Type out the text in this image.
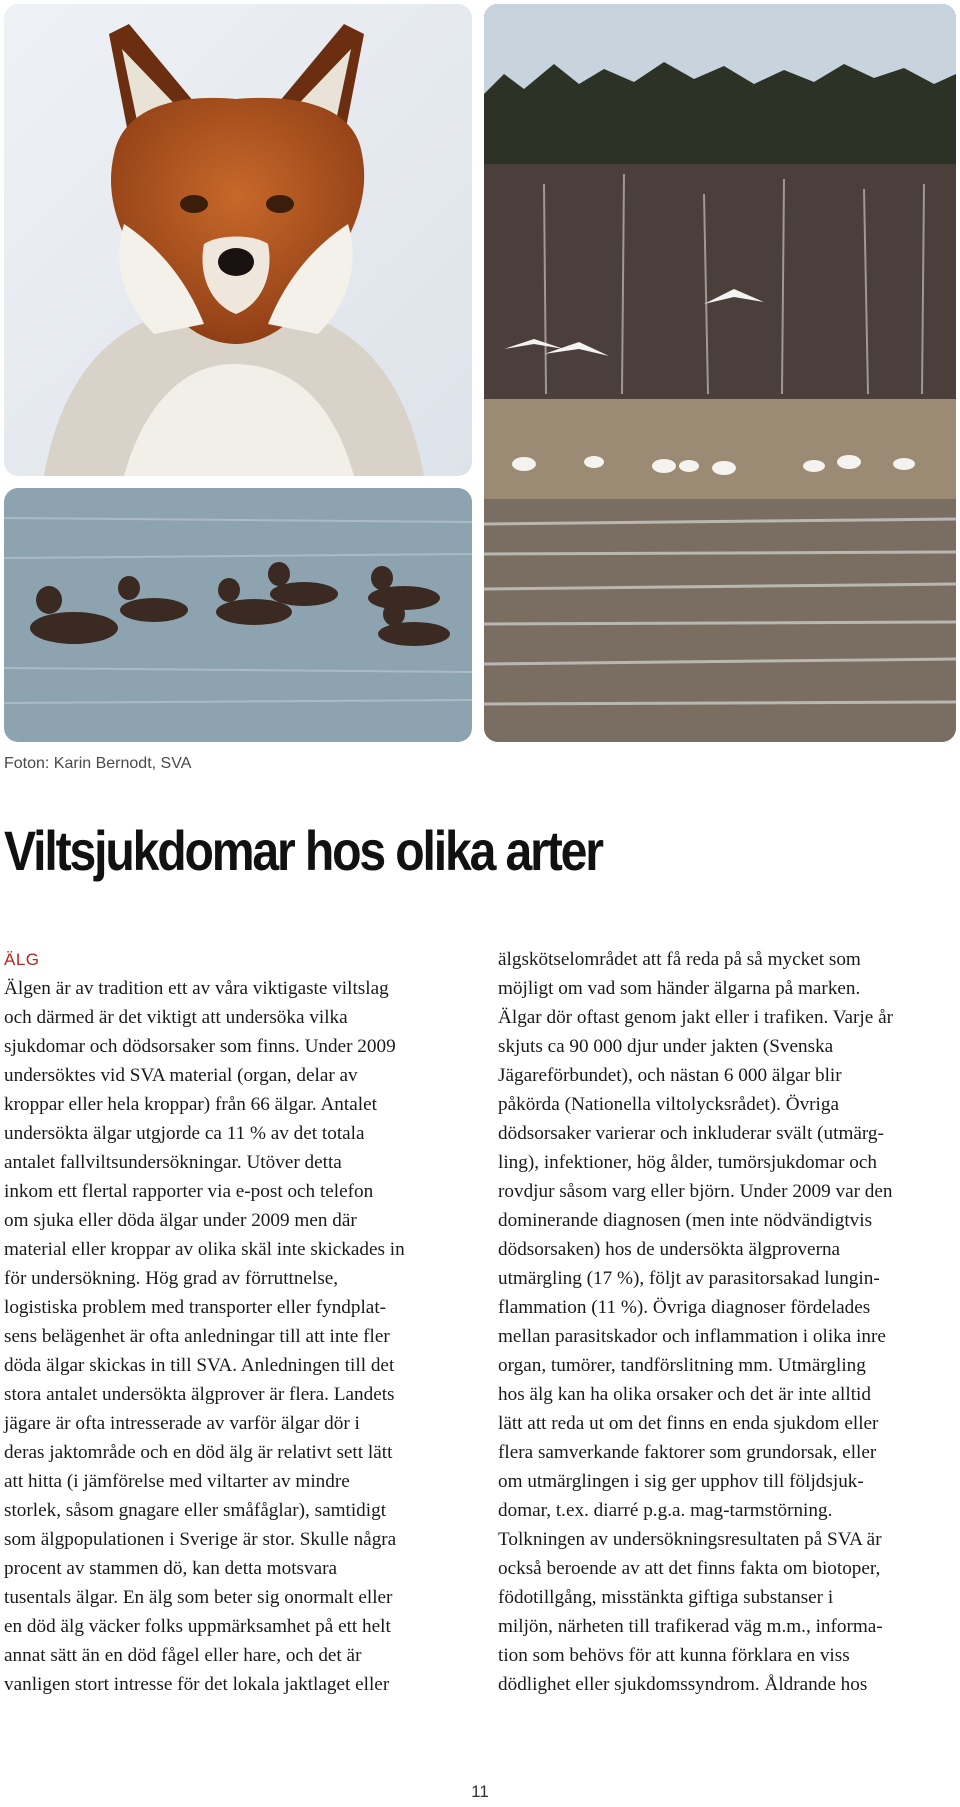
Foton: Karin Bernodt, SVA
Viltsjukdomar hos olika arter
ÄLG
Älgen är av tradition ett av våra viktigaste viltslag
och därmed är det viktigt att undersöka vilka
sjukdomar och dödsorsaker som finns. Under 2009
undersöktes vid SVA material (organ, delar av
kroppar eller hela kroppar) från 66 älgar. Antalet
undersökta älgar utgjorde ca 11 % av det totala
antalet fallviltsundersökningar. Utöver detta
inkom ett flertal rapporter via e-post och telefon
om sjuka eller döda älgar under 2009 men där
material eller kroppar av olika skäl inte skickades in
för undersökning. Hög grad av förruttnelse,
logistiska problem med transporter eller fyndplat-
sens belägenhet är ofta anledningar till att inte fler
döda älgar skickas in till SVA. Anledningen till det
stora antalet undersökta älgprover är flera. Landets
jägare är ofta intresserade av varför älgar dör i
deras jaktområde och en död älg är relativt sett lätt
att hitta (i jämförelse med viltarter av mindre
storlek, såsom gnagare eller småfåglar), samtidigt
som älgpopulationen i Sverige är stor. Skulle några
procent av stammen dö, kan detta motsvara
tusentals älgar. En älg som beter sig onormalt eller
en död älg väcker folks uppmärksamhet på ett helt
annat sätt än en död fågel eller hare, och det är
vanligen stort intresse för det lokala jaktlaget eller
älgskötselområdet att få reda på så mycket som
möjligt om vad som händer älgarna på marken.
Älgar dör oftast genom jakt eller i trafiken. Varje år
skjuts ca 90 000 djur under jakten (Svenska
Jägareförbundet), och nästan 6 000 älgar blir
påkörda (Nationella viltolycksrådet). Övriga
dödsorsaker varierar och inkluderar svält (utmärg-
ling), infektioner, hög ålder, tumörsjukdomar och
rovdjur såsom varg eller björn. Under 2009 var den
dominerande diagnosen (men inte nödvändigtvis
dödsorsaken) hos de undersökta älgproverna
utmärgling (17 %), följt av parasitorsakad lungin-
flammation (11 %). Övriga diagnoser fördelades
mellan parasitskador och inflammation i olika inre
organ, tumörer, tandförslitning mm. Utmärgling
hos älg kan ha olika orsaker och det är inte alltid
lätt att reda ut om det finns en enda sjukdom eller
flera samverkande faktorer som grundorsak, eller
om utmärglingen i sig ger upphov till följdsjuk-
domar, t.ex. diarré p.g.a. mag-tarmstörning.
Tolkningen av undersökningsresultaten på SVA är
också beroende av att det finns fakta om biotoper,
födotillgång, misstänkta giftiga substanser i
miljön, närheten till trafikerad väg m.m., informa-
tion som behövs för att kunna förklara en viss
dödlighet eller sjukdomssyndrom. Åldrande hos
11
